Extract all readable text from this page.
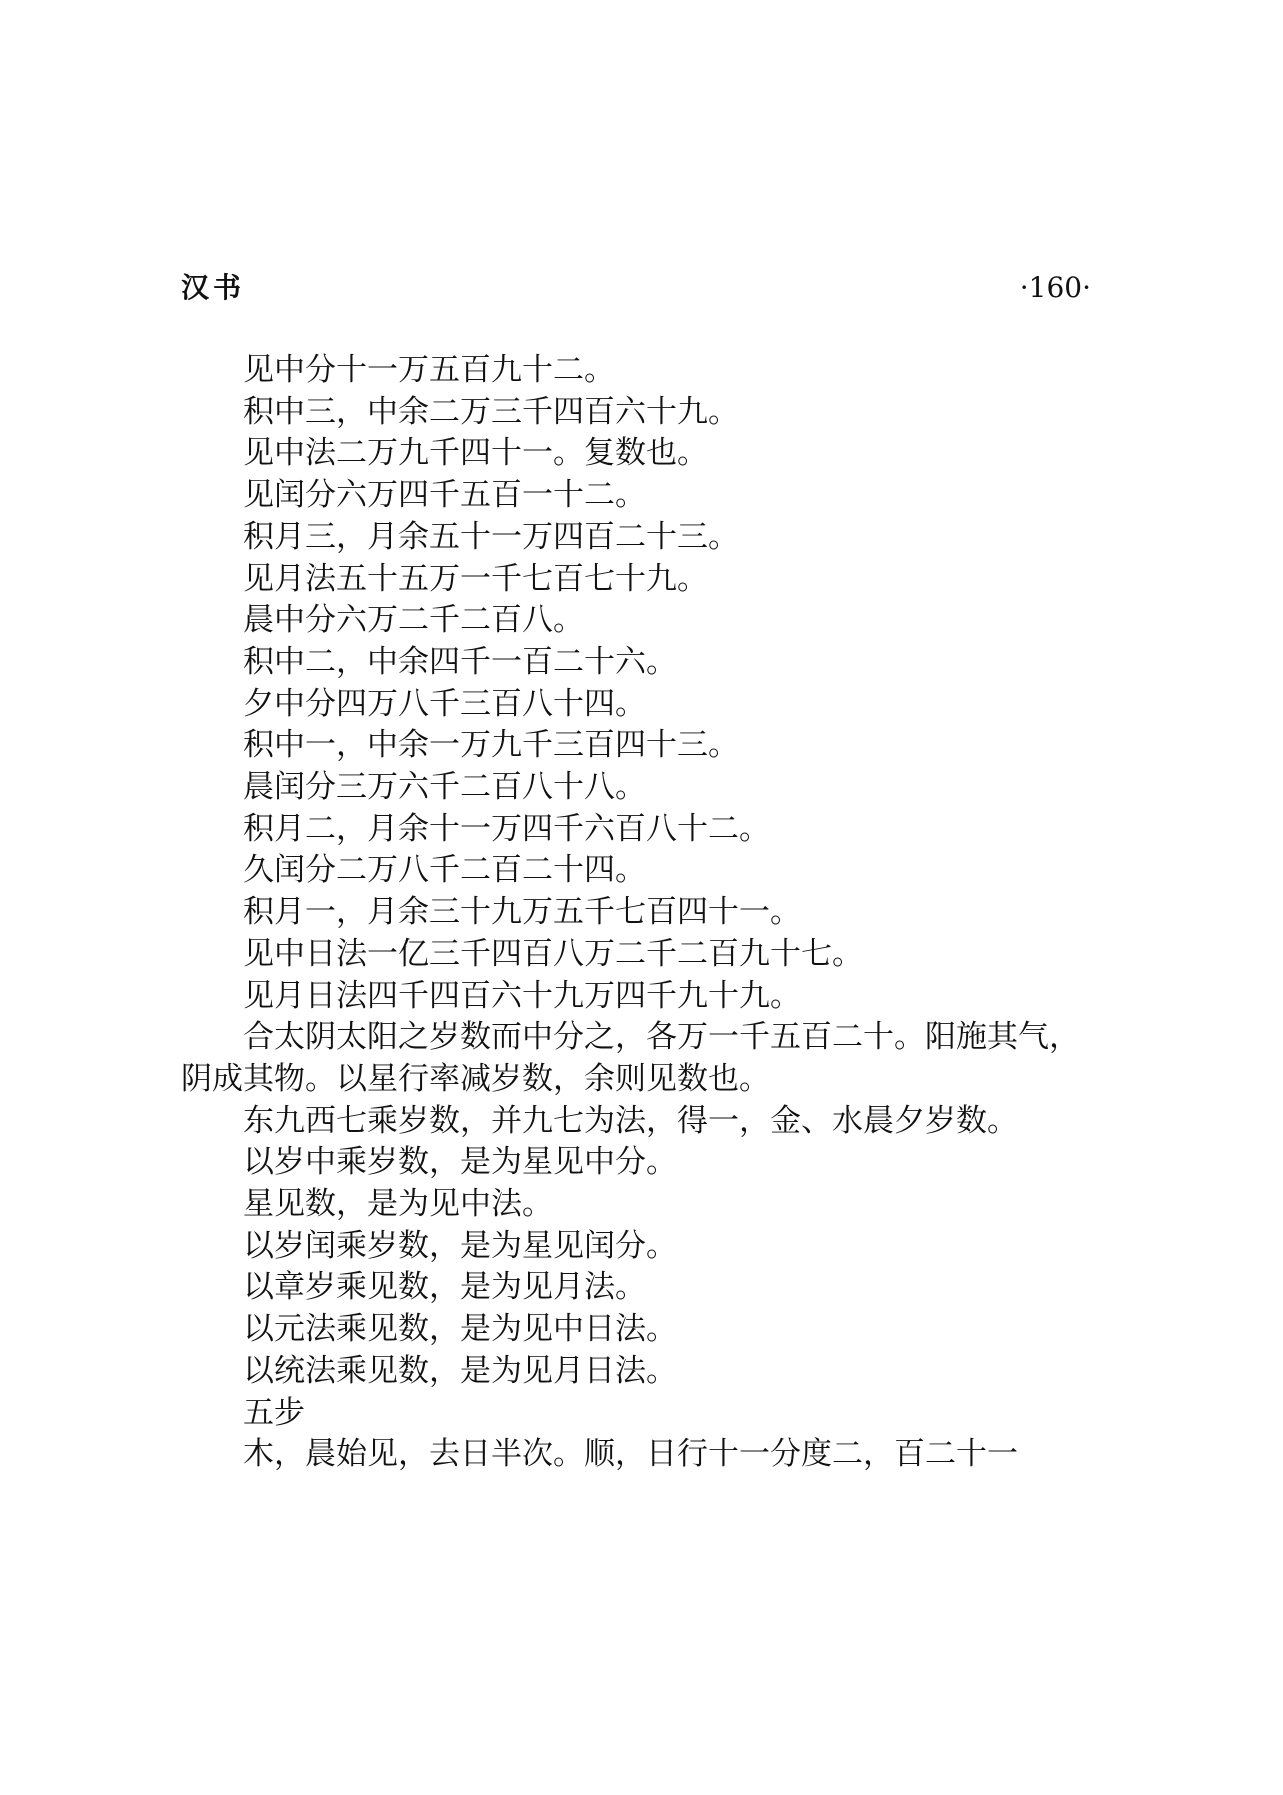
汉书	·160·

见中分十一万五百九十二。

积中三，中余二万三千四百六十九。

见中法二万九千四十一。复数也。

见闰分六万四千五百一十二。

积月三，月余五十一万四百二十三。

见月法五十五万一千七百七十九。

晨中分六万二千二百八。

积中二，中余四千一百二十六。

夕中分四万八千三百八十四。

积中一，中余一万九千三百四十三。

晨闰分三万六千二百八十八。

积月二，月余十一万四千六百八十二。

久闰分二万八千二百二十四。

积月一，月余三十九万五千七百四十一。

见中日法一亿三千四百八万二千二百九十七。

见月日法四千四百六十九万四千九十九。

合太阴太阳之岁数而中分之，各万一千五百二十。阳施其气，阴成其物。以星行率减岁数，余则见数也。

东九西七乘岁数，并九七为法，得一，金、水晨夕岁数。

以岁中乘岁数，是为星见中分。

星见数，是为见中法。

以岁闰乘岁数，是为星见闰分。

以章岁乘见数，是为见月法。

以元法乘见数，是为见中日法。

以统法乘见数，是为见月日法。

五步

木，晨始见，去日半次。顺，日行十一分度二，百二十一
